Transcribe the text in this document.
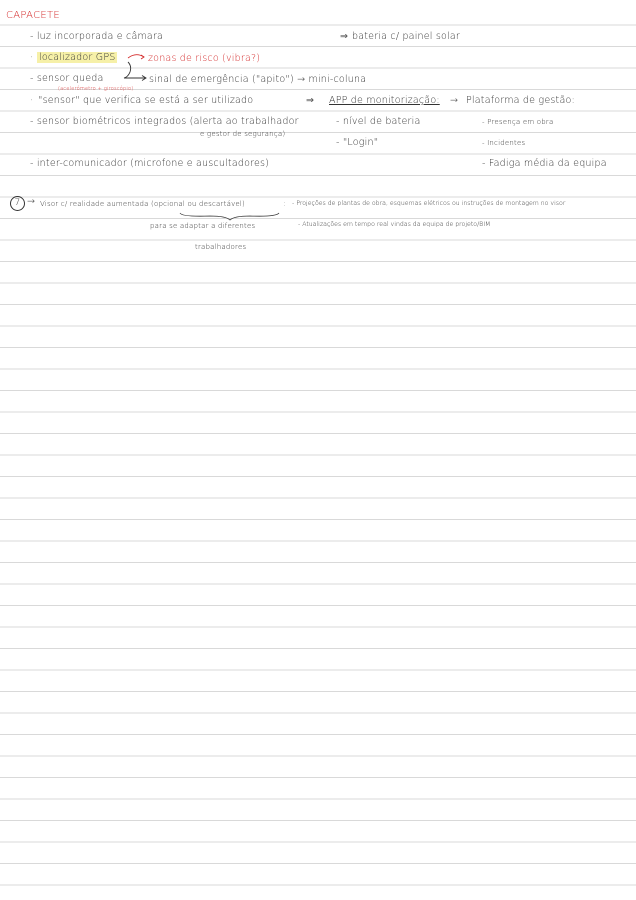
CAPACETE
- luz incorporada e câmara	⇒ bateria c/ painel solar
· localizador GPS	zonas de risco (vibra?)
- sensor queda
(acelerómetro + giroscópio)
sinal de emergência ("apito") → mini-coluna
· "sensor" que verifica se está a ser utilizado	⇒ APP de monitorização: → Plataforma de gestão:
- sensor biométricos integrados (alerta ao trabalhador
e gestor de segurança)
- nível de bateria	- Presença em obra
- "Login"	- Incidentes
- inter-comunicador (microfone e auscultadores)	- Fadiga média da equipa
7 → Visor c/ realidade aumentada (opcional ou descartável)
para se adaptar a diferentes
trabalhadores
: - Projeções de plantas de obra, esquemas elétricos ou instruções de montagem no visor
- Atualizações em tempo real vindas da equipa de projeto/BIM
